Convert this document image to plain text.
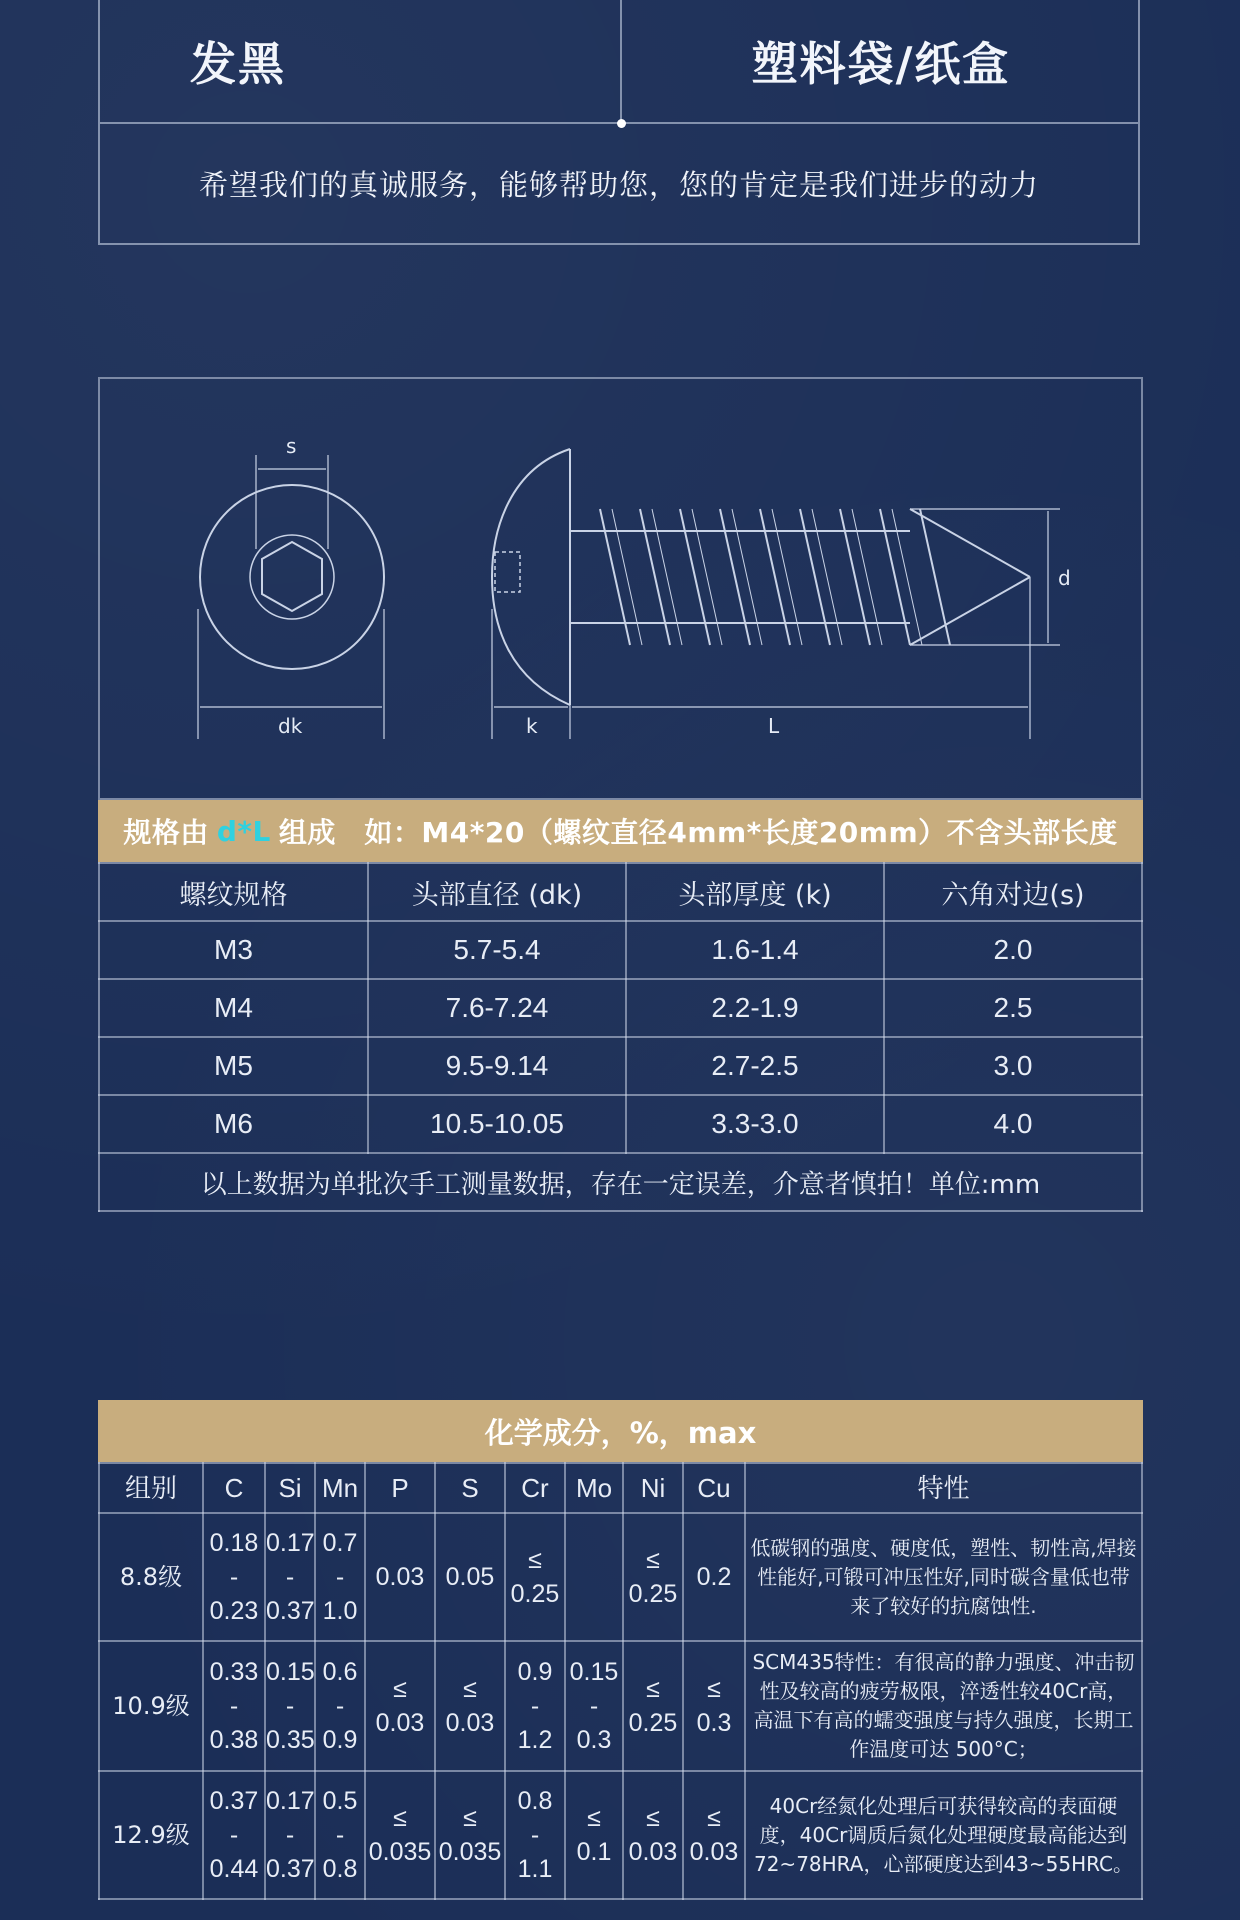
发黑	塑料袋/纸盒
希望我们的真诚服务，能够帮助您，您的肯定是我们进步的动力
s
dk	k	L
d
规格由 d*L 组成　如：M4*20（螺纹直径4mm*长度20mm）不含头部长度
螺纹规格	头部直径 (dk)	头部厚度 (k)	六角对边(s)
M3	5.7-5.4	1.6-1.4	2.0
M4	7.6-7.24	2.2-1.9	2.5
M5	9.5-9.14	2.7-2.5	3.0
M6	10.5-10.05	3.3-3.0	4.0
以上数据为单批次手工测量数据，存在一定误差，介意者慎拍！单位:mm			
化学成分，%，max
组别	C	Si	Mn	P	S	Cr	Mo	Ni	Cu	特性
8.8级	0.18
-
0.23	0.17
-
0.37	0.7
-
1.0	0.03	0.05	≤
0.25		≤
0.25	0.2	低碳钢的强度、硬度低，塑性、韧性高,焊接性能好,可锻可冲压性好,同时碳含量低也带来了较好的抗腐蚀性.
10.9级	0.33
-
0.38	0.15
-
0.35	0.6
-
0.9	≤
0.03	≤
0.03	0.9
-
1.2	0.15
-
0.3	≤
0.25	≤
0.3	SCM435特性：有很高的静力强度、冲击韧性及较高的疲劳极限，淬透性较40Cr高，高温下有高的蠕变强度与持久强度，长期工作温度可达 500°C；
12.9级	0.37
-
0.44	0.17
-
0.37	0.5
-
0.8	≤
0.035	≤
0.035	0.8
-
1.1	≤
0.1	≤
0.03	≤
0.03	40Cr经氮化处理后可获得较高的表面硬度，40Cr调质后氮化处理硬度最高能达到72~78HRA，心部硬度达到43~55HRC。
